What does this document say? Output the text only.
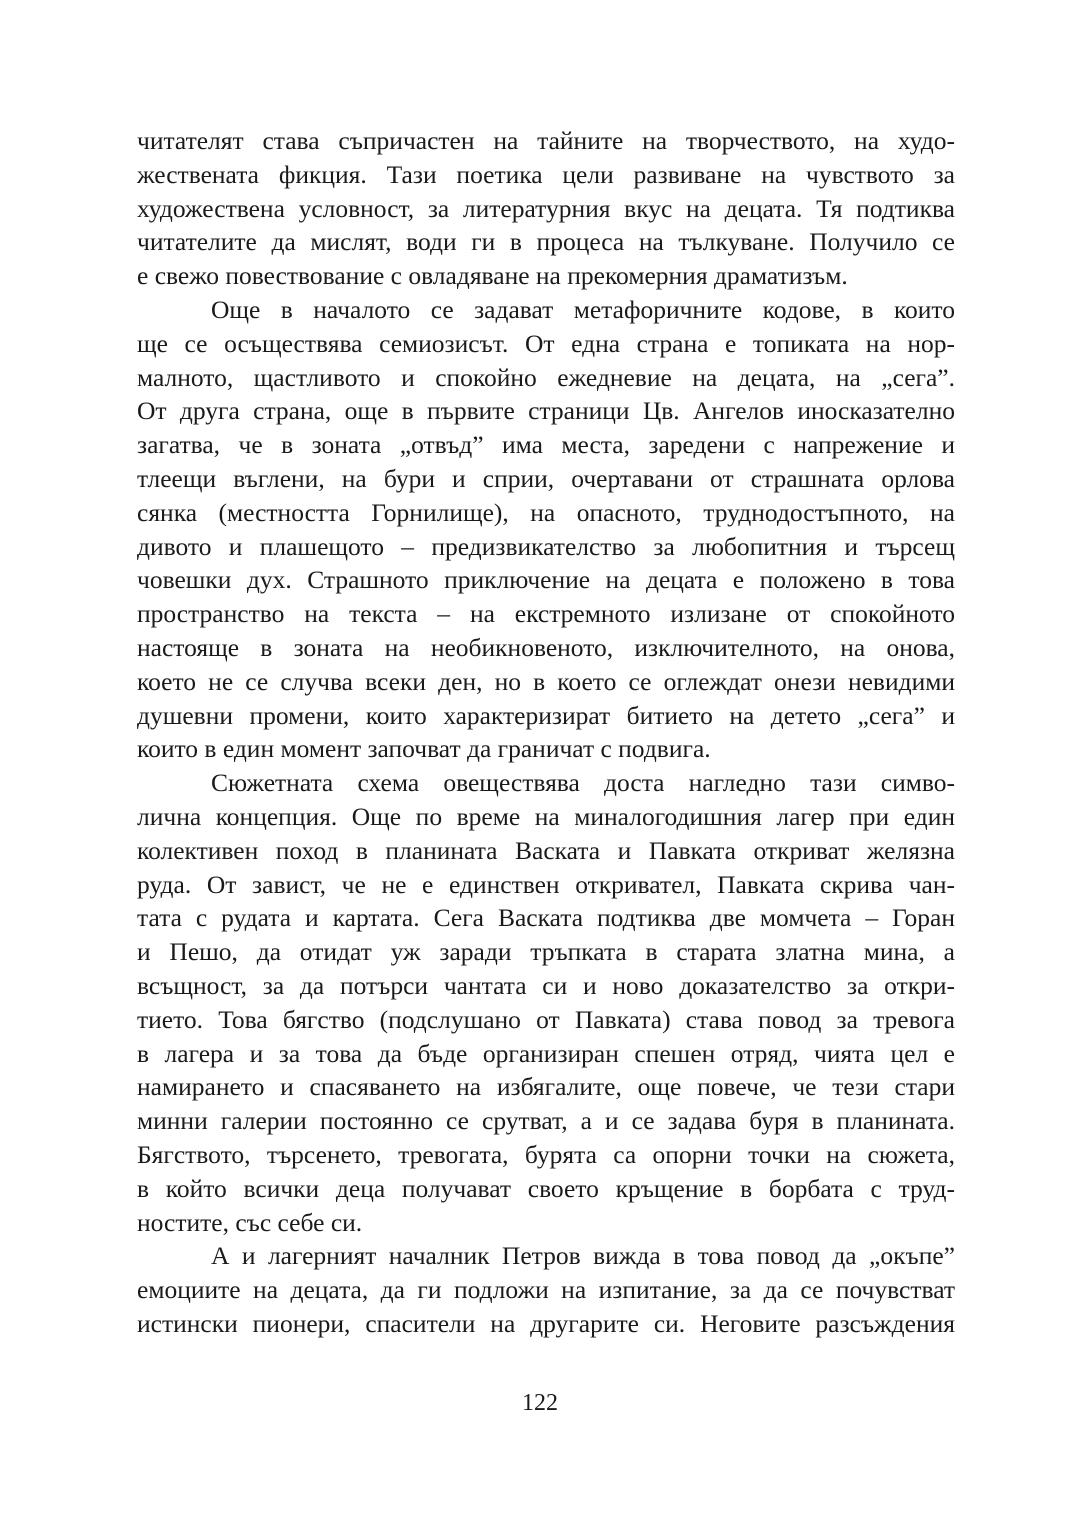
читателят става съпричастен на тайните на творчеството, на худо-
жествената фикция. Тази поетика цели развиване на чувството за
художествена условност, за литературния вкус на децата. Тя подтиква
читателите да мислят, води ги в процеса на тълкуване. Получило се
е свежо повествование с овладяване на прекомерния драматизъм.

Още в началото се задават метафоричните кодове, в които
ще се осъществява семиозисът. От една страна е топиката на нор-
малното, щастливото и спокойно ежедневие на децата, на „сега”.
От друга страна, още в първите страници Цв. Ангелов иносказателно
загатва, че в зоната „отвъд” има места, заредени с напрежение и
тлеещи въглени, на бури и сприи, очертавани от страшната орлова
сянка (местността Горнилище), на опасното, труднодостъпното, на
дивото и плашещото – предизвикателство за любопитния и търсещ
човешки дух. Страшното приключение на децата е положено в това
пространство на текста – на екстремното излизане от спокойното
настояще в зоната на необикновеното, изключителното, на онова,
което не се случва всеки ден, но в което се оглеждат онези невидими
душевни промени, които характеризират битието на детето „сега” и
които в един момент започват да граничат с подвига.

Сюжетната схема овеществява доста нагледно тази симво-
лична концепция. Още по време на миналогодишния лагер при един
колективен поход в планината Васката и Павката откриват желязна
руда. От завист, че не е единствен откривател, Павката скрива чан-
тата с рудата и картата. Сега Васката подтиква две момчета – Горан
и Пешо, да отидат уж заради тръпката в старата златна мина, а
всъщност, за да потърси чантата си и ново доказателство за откри-
тието. Това бягство (подслушано от Павката) става повод за тревога
в лагера и за това да бъде организиран спешен отряд, чията цел е
намирането и спасяването на избягалите, още повече, че тези стари
минни галерии постоянно се срутват, а и се задава буря в планината.
Бягството, търсенето, тревогата, бурята са опорни точки на сюжета,
в който всички деца получават своето кръщение в борбата с труд-
ностите, със себе си.

А и лагерният началник Петров вижда в това повод да „окъпе”
емоциите на децата, да ги подложи на изпитание, за да се почувстват
истински пионери, спасители на другарите си. Неговите разсъждения

122
